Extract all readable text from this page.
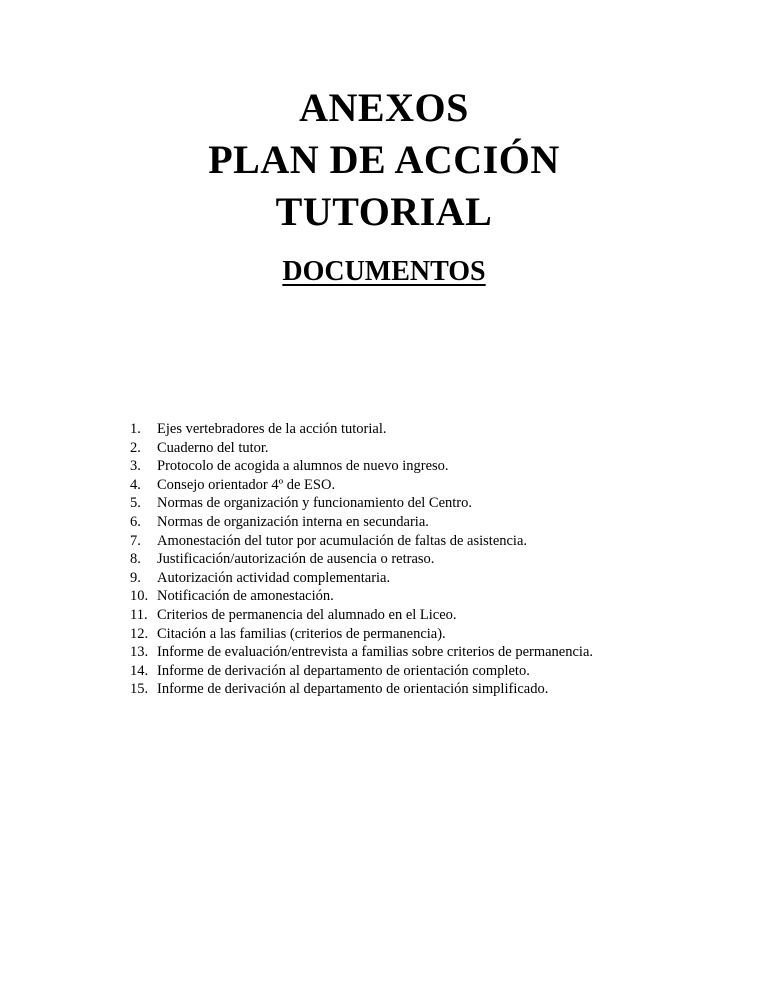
ANEXOS
PLAN DE ACCIÓN
TUTORIAL
DOCUMENTOS
1.	Ejes vertebradores de la acción tutorial.
2.	Cuaderno del tutor.
3.	Protocolo de acogida a alumnos de nuevo ingreso.
4.	Consejo orientador 4º de ESO.
5.	Normas de organización y funcionamiento del Centro.
6.	Normas de organización interna en secundaria.
7.	Amonestación del tutor por acumulación de faltas de asistencia.
8.	Justificación/autorización de ausencia o retraso.
9.	Autorización actividad complementaria.
10. Notificación de amonestación.
11. Criterios de permanencia del alumnado en el Liceo.
12. Citación a las familias (criterios de permanencia).
13. Informe de evaluación/entrevista a familias sobre criterios de permanencia.
14. Informe de derivación al departamento de orientación completo.
15. Informe de derivación al departamento de orientación simplificado.
